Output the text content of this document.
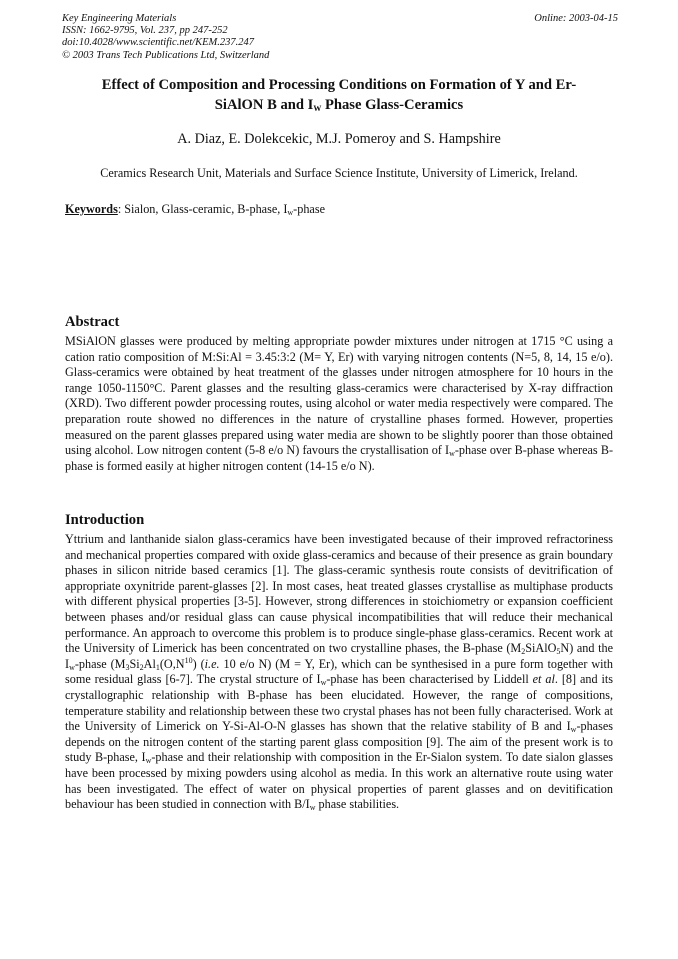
Key Engineering Materials
ISSN: 1662-9795, Vol. 237, pp 247-252
doi:10.4028/www.scientific.net/KEM.237.247
© 2003 Trans Tech Publications Ltd, Switzerland
Online: 2003-04-15
Effect of Composition and Processing Conditions on Formation of Y and Er-
SiAlON B and $I_W$ Phase Glass-Ceramics
A. Diaz, E. Dolekcekic, M.J. Pomeroy and S. Hampshire
Ceramics Research Unit, Materials and Surface Science Institute, University of Limerick, Ireland.
Keywords: Sialon, Glass-ceramic, B-phase, $I_w$-phase
Abstract
MSiAlON glasses were produced by melting appropriate powder mixtures under nitrogen at 1715 °C using a cation ratio composition of M:Si:Al = 3.45:3:2 (M= Y, Er) with varying nitrogen contents (N=5, 8, 14, 15 e/o). Glass-ceramics were obtained by heat treatment of the glasses under nitrogen atmosphere for 10 hours in the range 1050-1150°C. Parent glasses and the resulting glass-ceramics were characterised by X-ray diffraction (XRD). Two different powder processing routes, using alcohol or water media respectively were compared. The preparation route showed no differences in the nature of crystalline phases formed. However, properties measured on the parent glasses prepared using water media are shown to be slightly poorer than those obtained using alcohol. Low nitrogen content (5-8 e/o N) favours the crystallisation of $I_w$-phase over B-phase whereas B-phase is formed easily at higher nitrogen content (14-15 e/o N).
Introduction
Yttrium and lanthanide sialon glass-ceramics have been investigated because of their improved refractoriness and mechanical properties compared with oxide glass-ceramics and because of their presence as grain boundary phases in silicon nitride based ceramics [1]. The glass-ceramic synthesis route consists of devitrification of appropriate oxynitride parent-glasses [2]. In most cases, heat treated glasses crystallise as multiphase products with different physical properties [3-5]. However, strong differences in stoichiometry or expansion coefficient between phases and/or residual glass can cause physical incompatibilities that will reduce their mechanical performance. An approach to overcome this problem is to produce single-phase glass-ceramics. Recent work at the University of Limerick has been concentrated on two crystalline phases, the B-phase $(M_2SiAlO_5N)$ and the $I_w$-phase ($M_3Si_2Al_1(O,N^{10})$ (i.e. 10 e/o N) (M = Y, Er), which can be synthesised in a pure form together with some residual glass [6-7]. The crystal structure of $I_w$-phase has been characterised by Liddell et al. [8] and its crystallographic relationship with B-phase has been elucidated. However, the range of compositions, temperature stability and relationship between these two crystal phases has not been fully characterised. Work at the University of Limerick on Y-Si-Al-O-N glasses has shown that the relative stability of B and $I_w$-phases depends on the nitrogen content of the starting parent glass composition [9]. The aim of the present work is to study B-phase, $I_w$-phase and their relationship with composition in the Er-Sialon system. To date sialon glasses have been processed by mixing powders using alcohol as media. In this work an alternative route using water has been investigated. The effect of water on physical properties of parent glasses and on devitification behaviour has been studied in connection with $B/I_w$ phase stabilities.
